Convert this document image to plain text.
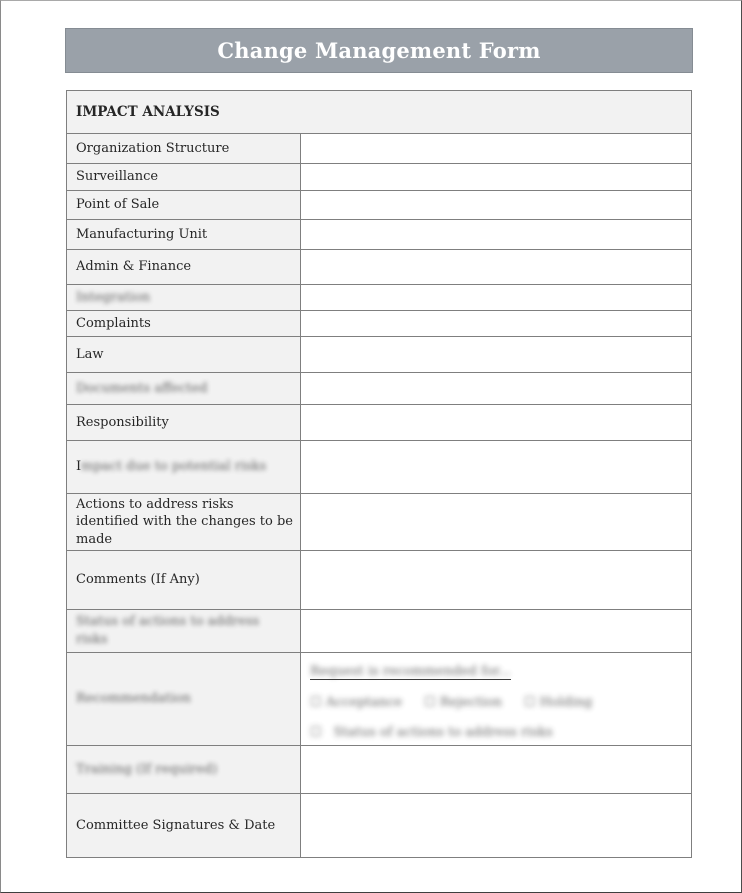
Change Management Form
IMPACT ANALYSIS
Organization Structure
Surveillance
Point of Sale
Manufacturing Unit
Admin & Finance
Integration
Complaints
Law
Documents affected
Responsibility
I mpact due to potential risks
Actions to address risks identified with the changes to be made
Comments (If Any)
Status of actions to address risks
Recommendation
Request is recommended for...
☐ Acceptance ☐ Rejection ☐ Holding
☐ Status of actions to address risks
Training (If required)
Committee Signatures & Date
